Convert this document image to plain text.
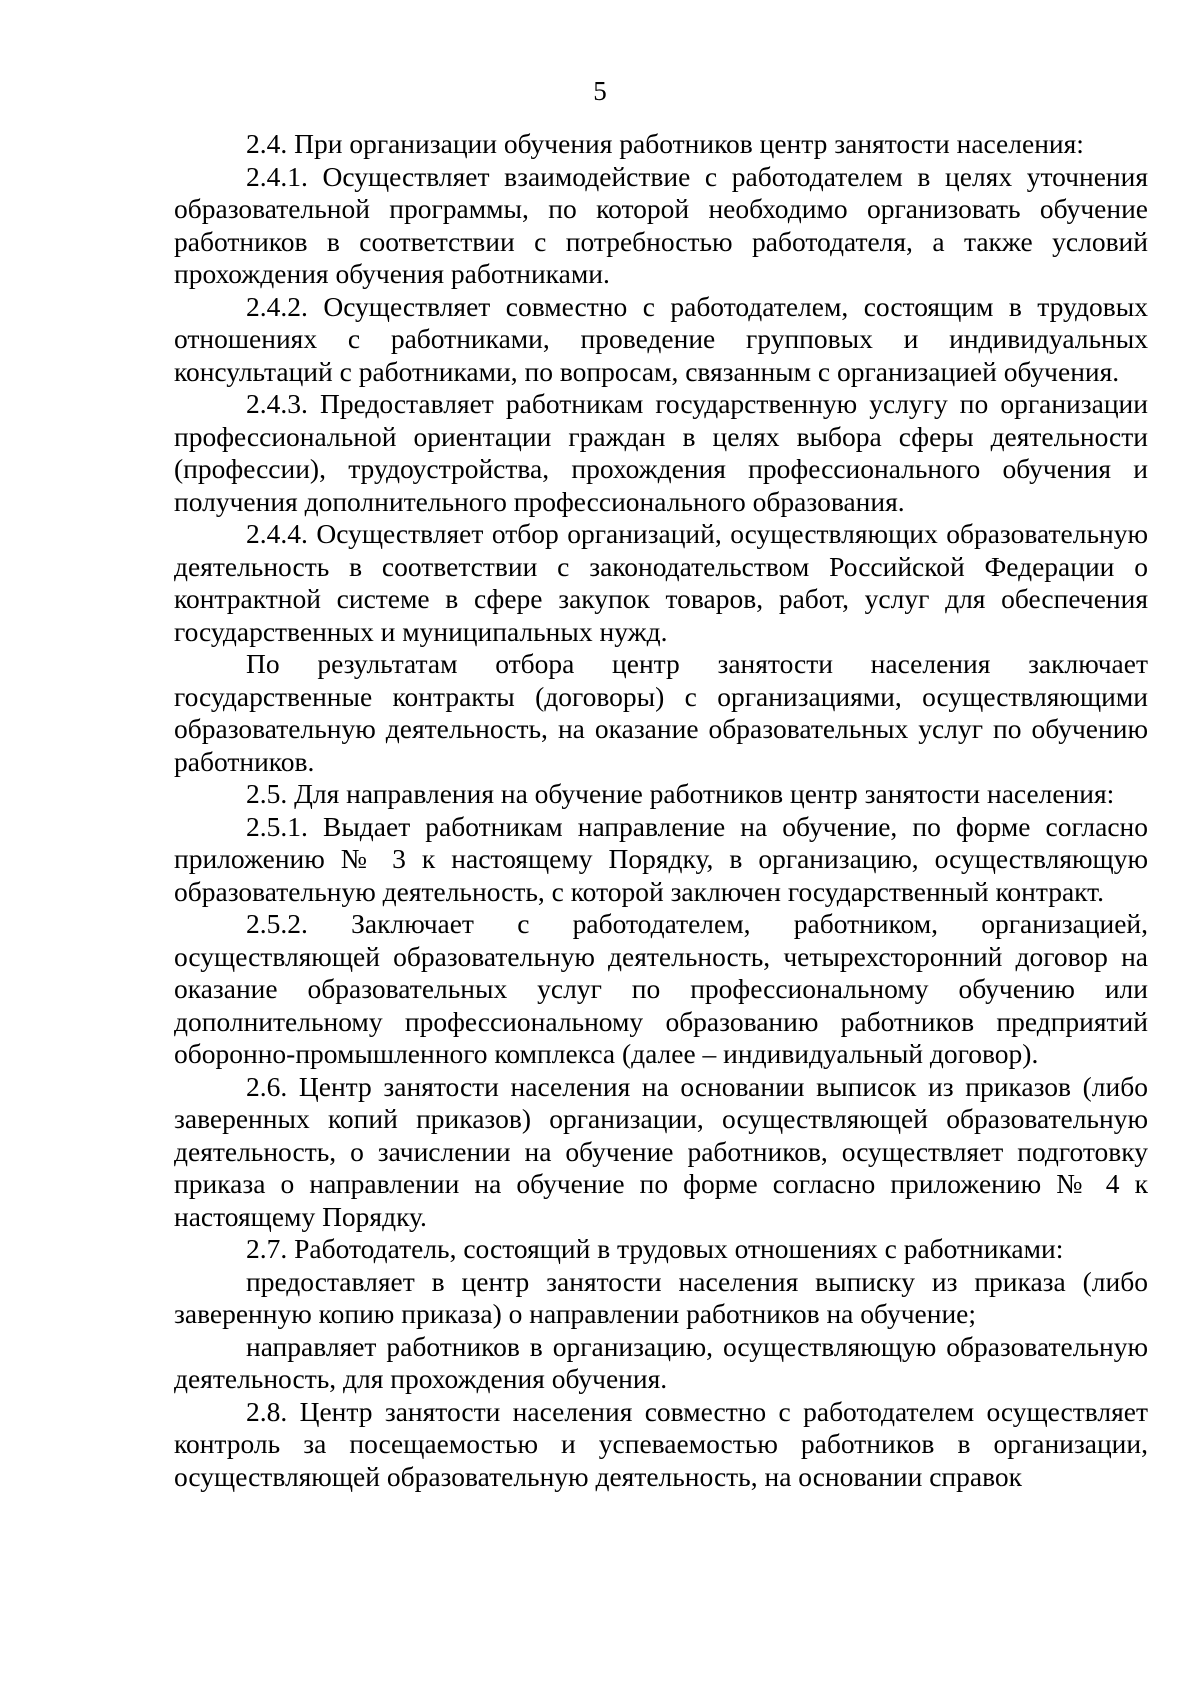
5

2.4. При организации обучения работников центр занятости населения:

2.4.1. Осуществляет взаимодействие с работодателем в целях уточнения образовательной программы, по которой необходимо организовать обучение работников в соответствии с потребностью работодателя, а также условий прохождения обучения работниками.

2.4.2. Осуществляет совместно с работодателем, состоящим в трудовых отношениях с работниками, проведение групповых и индивидуальных консультаций с работниками, по вопросам, связанным с организацией обучения.

2.4.3. Предоставляет работникам государственную услугу по организации профессиональной ориентации граждан в целях выбора сферы деятельности (профессии), трудоустройства, прохождения профессионального обучения и получения дополнительного профессионального образования.

2.4.4. Осуществляет отбор организаций, осуществляющих образовательную деятельность в соответствии с законодательством Российской Федерации о контрактной системе в сфере закупок товаров, работ, услуг для обеспечения государственных и муниципальных нужд.

По результатам отбора центр занятости населения заключает государственные контракты (договоры) с организациями, осуществляющими образовательную деятельность, на оказание образовательных услуг по обучению работников.

2.5. Для направления на обучение работников центр занятости населения:

2.5.1. Выдает работникам направление на обучение, по форме согласно приложению № 3 к настоящему Порядку, в организацию, осуществляющую образовательную деятельность, с которой заключен государственный контракт.

2.5.2. Заключает с работодателем, работником, организацией, осуществляющей образовательную деятельность, четырехсторонний договор на оказание образовательных услуг по профессиональному обучению или дополнительному профессиональному образованию работников предприятий оборонно-промышленного комплекса (далее – индивидуальный договор).

2.6. Центр занятости населения на основании выписок из приказов (либо заверенных копий приказов) организации, осуществляющей образовательную деятельность, о зачислении на обучение работников, осуществляет подготовку приказа о направлении на обучение по форме согласно приложению № 4 к настоящему Порядку.

2.7. Работодатель, состоящий в трудовых отношениях с работниками:

предоставляет в центр занятости населения выписку из приказа (либо заверенную копию приказа) о направлении работников на обучение;

направляет работников в организацию, осуществляющую образовательную деятельность, для прохождения обучения.

2.8. Центр занятости населения совместно с работодателем осуществляет контроль за посещаемостью и успеваемостью работников в организации, осуществляющей образовательную деятельность, на основании справок
